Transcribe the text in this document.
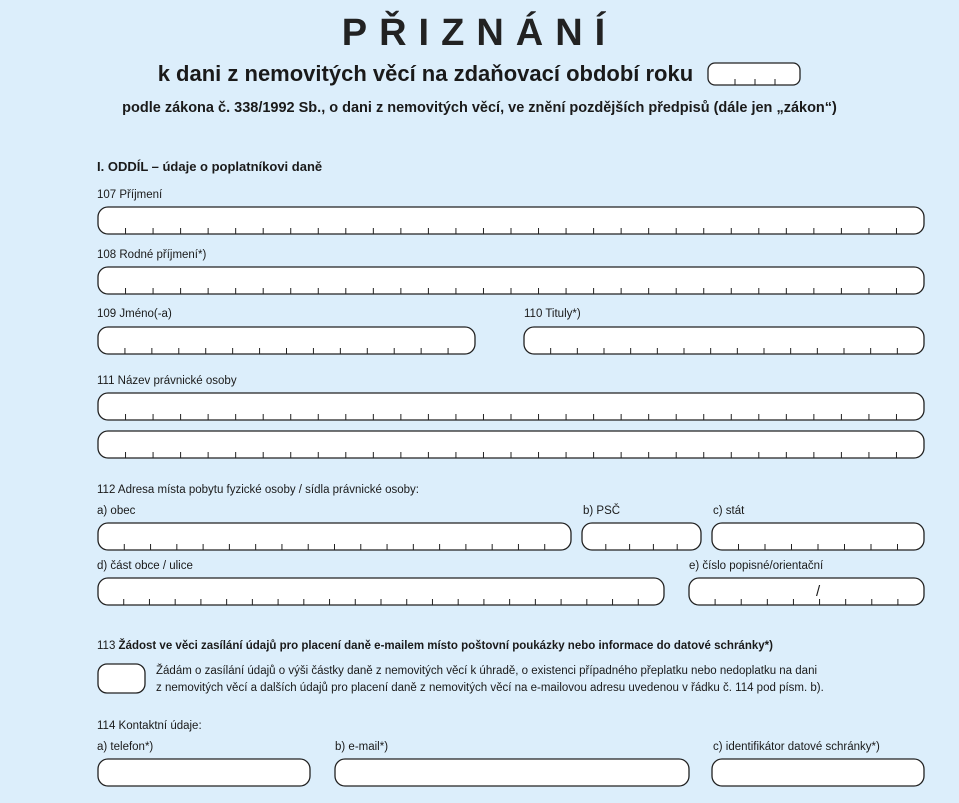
PŘIZNÁNÍ
k dani z nemovitých věcí na zdaňovací období roku
podle zákona č. 338/1992 Sb., o dani z nemovitých věcí, ve znění pozdějších předpisů (dále jen „zákon“)
I. ODDÍL – údaje o poplatníkovi daně
107 Příjmení
108 Rodné příjmení*)
109 Jméno(-a)	110 Tituly*)
111 Název právnické osoby
112 Adresa místa pobytu fyzické osoby / sídla právnické osoby:
a) obec	b) PSČ	c) stát
d) část obce / ulice	e) číslo popisné/orientační
/
113 Žádost ve věci zasílání údajů pro placení daně e-mailem místo poštovní poukázky nebo informace do datové schránky*)
Žádám o zasílání údajů o výši částky daně z nemovitých věcí k úhradě, o existenci případného přeplatku nebo nedoplatku na dani
z nemovitých věcí a dalších údajů pro placení daně z nemovitých věcí na e-mailovou adresu uvedenou v řádku č. 114 pod písm. b).
114 Kontaktní údaje:
a) telefon*)	b) e-mail*)	c) identifikátor datové schránky*)
